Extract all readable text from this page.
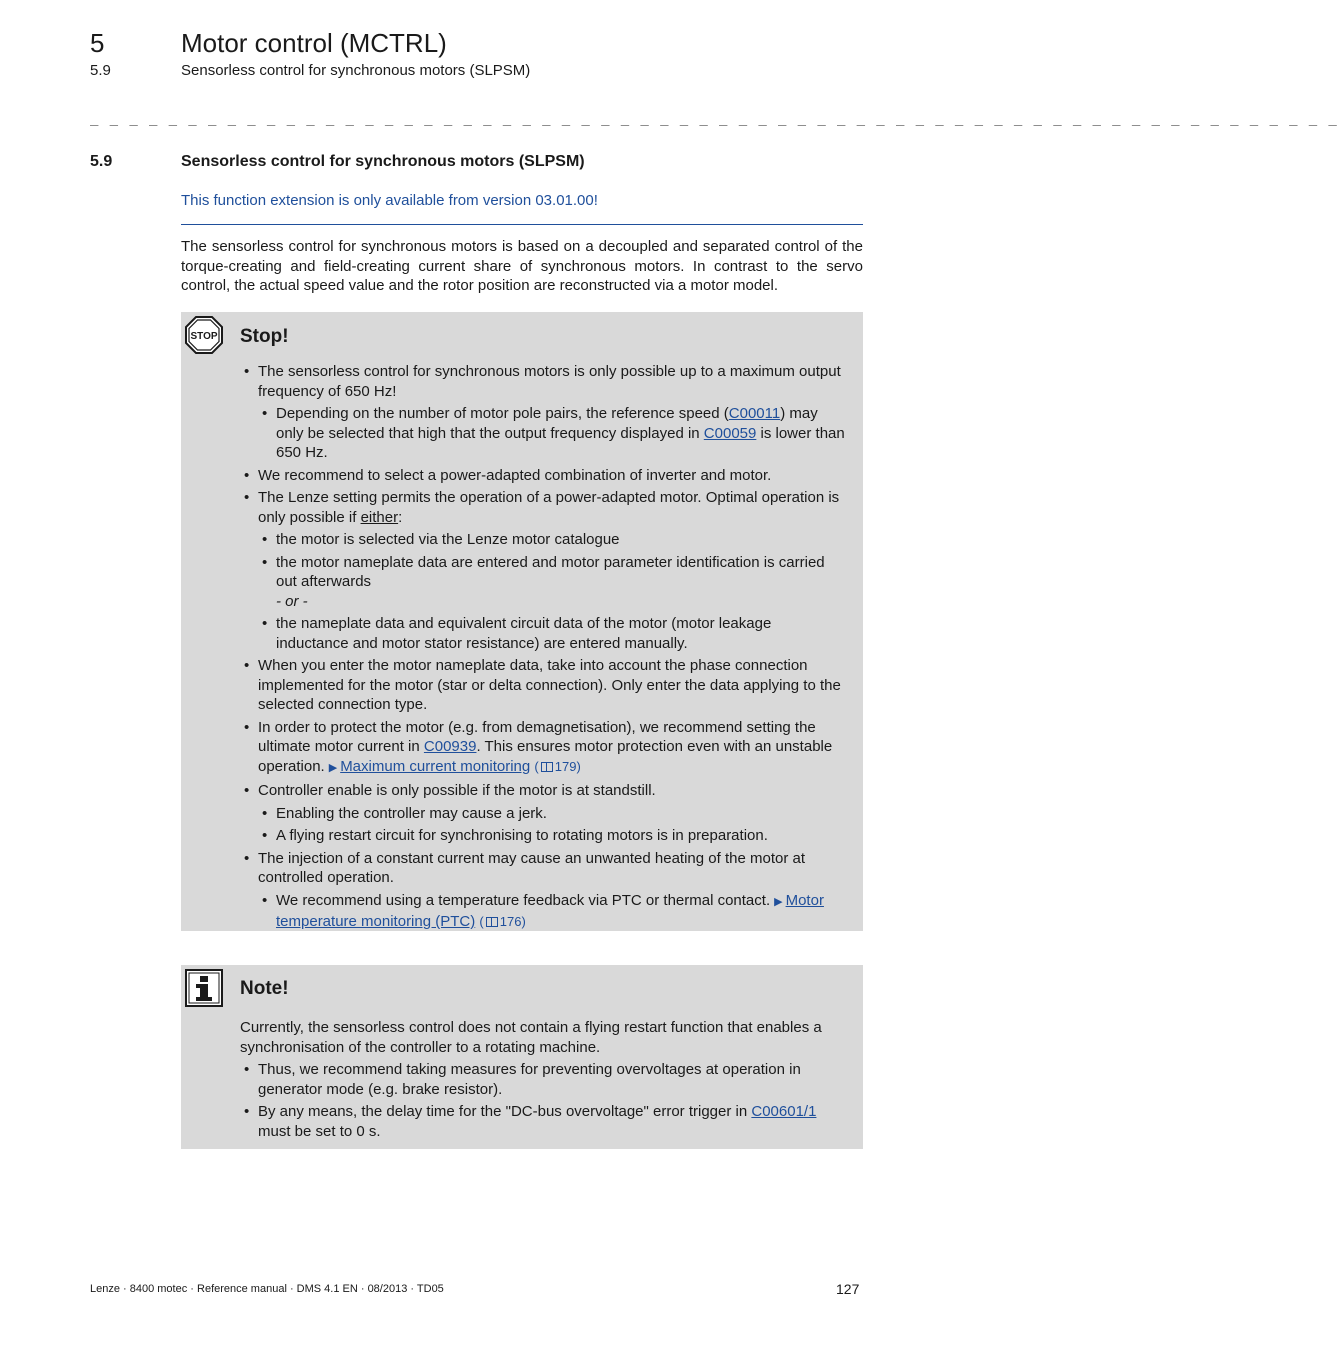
5	Motor control (MCTRL)
5.9	Sensorless control for synchronous motors (SLPSM)
_ _ _ _ _ _ _ _ _ _ _ _ _ _ _ _ _ _ _ _ _ _ _ _ _ _ _ _ _ _ _ _ _ _ _ _ _ _ _ _ _ _ _ _ _ _ _ _ _ _ _ _ _ _ _ _ _ _ _ _ _ _ _ _
5.9	Sensorless control for synchronous motors (SLPSM)
This function extension is only available from version 03.01.00!
The sensorless control for synchronous motors is based on a decoupled and separated control of the torque-creating and field-creating current share of synchronous motors. In contrast to the servo control, the actual speed value and the rotor position are reconstructed via a motor model.
STOP Stop!
• The sensorless control for synchronous motors is only possible up to a maximum output frequency of 650 Hz!
• Depending on the number of motor pole pairs, the reference speed (C00011) may only be selected that high that the output frequency displayed in C00059 is lower than 650 Hz.
• We recommend to select a power-adapted combination of inverter and motor.
• The Lenze setting permits the operation of a power-adapted motor. Optimal operation is only possible if either:
• the motor is selected via the Lenze motor catalogue
• the motor nameplate data are entered and motor parameter identification is carried out afterwards
- or -
• the nameplate data and equivalent circuit data of the motor (motor leakage inductance and motor stator resistance) are entered manually.
• When you enter the motor nameplate data, take into account the phase connection implemented for the motor (star or delta connection). Only enter the data applying to the selected connection type.
• In order to protect the motor (e.g. from demagnetisation), we recommend setting the ultimate motor current in C00939. This ensures motor protection even with an unstable operation. ▶ Maximum current monitoring ( 179)
• Controller enable is only possible if the motor is at standstill.
• Enabling the controller may cause a jerk.
• A flying restart circuit for synchronising to rotating motors is in preparation.
• The injection of a constant current may cause an unwanted heating of the motor at controlled operation.
• We recommend using a temperature feedback via PTC or thermal contact. ▶ Motor temperature monitoring (PTC) ( 176)
Note!
Currently, the sensorless control does not contain a flying restart function that enables a synchronisation of the controller to a rotating machine.
• Thus, we recommend taking measures for preventing overvoltages at operation in generator mode (e.g. brake resistor).
• By any means, the delay time for the "DC-bus overvoltage" error trigger in C00601/1 must be set to 0 s.
Lenze · 8400 motec · Reference manual · DMS 4.1 EN · 08/2013 · TD05	127
